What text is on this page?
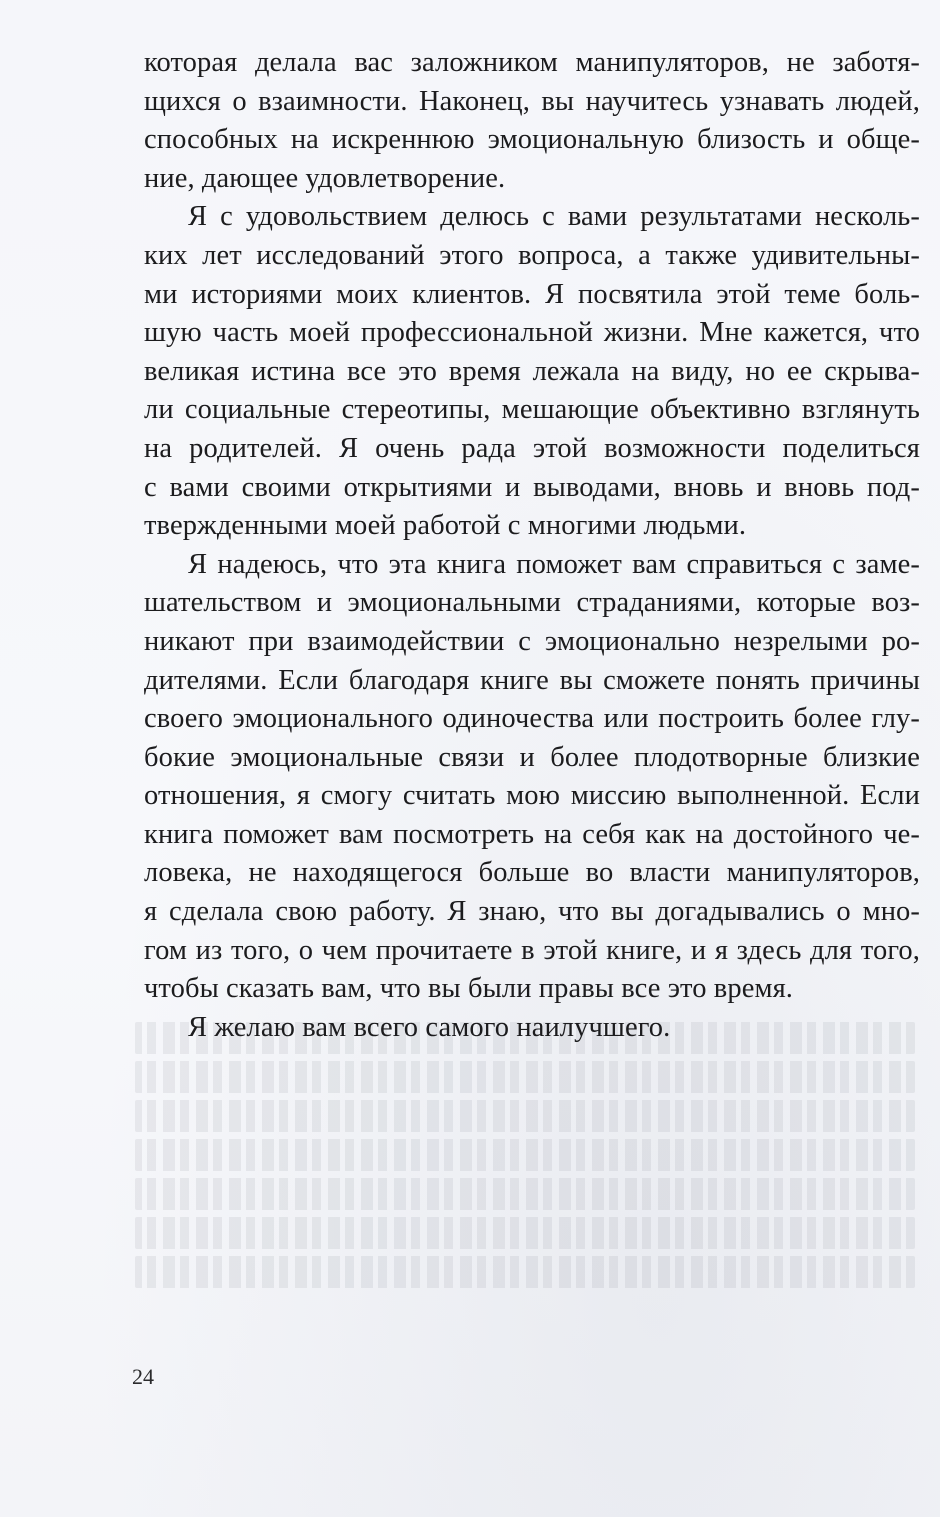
которая делала вас заложником манипуляторов, не заботя-
щихся о взаимности. Наконец, вы научитесь узнавать людей,
способных на искреннюю эмоциональную близость и обще-
ние, дающее удовлетворение.
Я с удовольствием делюсь с вами результатами несколь-
ких лет исследований этого вопроса, а также удивительны-
ми историями моих клиентов. Я посвятила этой теме боль-
шую часть моей профессиональной жизни. Мне кажется, что
великая истина все это время лежала на виду, но ее скрыва-
ли социальные стереотипы, мешающие объективно взглянуть
на родителей. Я очень рада этой возможности поделиться
с вами своими открытиями и выводами, вновь и вновь под-
твержденными моей работой с многими людьми.
Я надеюсь, что эта книга поможет вам справиться с заме-
шательством и эмоциональными страданиями, которые воз-
никают при взаимодействии с эмоционально незрелыми ро-
дителями. Если благодаря книге вы сможете понять причины
своего эмоционального одиночества или построить более глу-
бокие эмоциональные связи и более плодотворные близкие
отношения, я смогу считать мою миссию выполненной. Если
книга поможет вам посмотреть на себя как на достойного че-
ловека, не находящегося больше во власти манипуляторов,
я сделала свою работу. Я знаю, что вы догадывались о мно-
гом из того, о чем прочитаете в этой книге, и я здесь для того,
чтобы сказать вам, что вы были правы все это время.
Я желаю вам всего самого наилучшего.
24
